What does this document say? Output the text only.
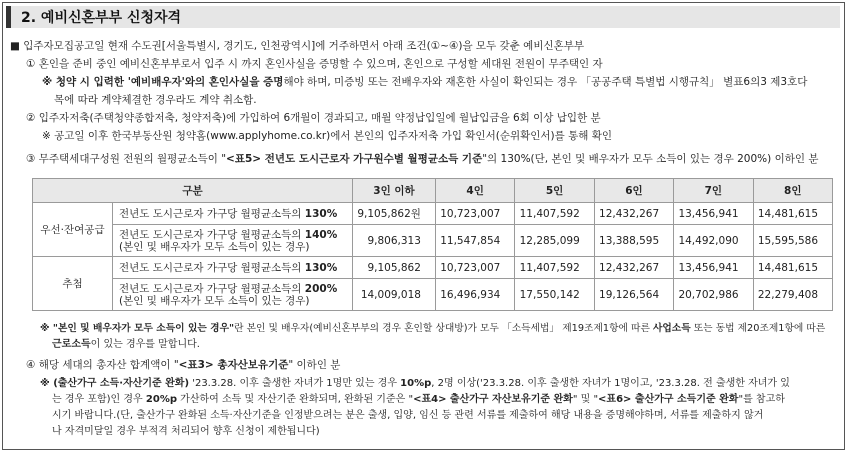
2. 예비신혼부부 신청자격
■ 입주자모집공고일 현재 수도권[서울특별시, 경기도, 인천광역시]에 거주하면서 아래 조건(①~④)을 모두 갖춘 예비신혼부부
① 혼인을 준비 중인 예비신혼부부로서 입주 시 까지 혼인사실을 증명할 수 있으며, 혼인으로 구성할 세대원 전원이 무주택인 자
※ 청약 시 입력한 '예비배우자'와의 혼인사실을 증명해야 하며, 미증빙 또는 전배우자와 재혼한 사실이 확인되는 경우 「공공주택 특별법 시행규칙」 별표6의3 제3호다
목에 따라 계약체결한 경우라도 계약 취소함.
② 입주자저축(주택청약종합저축, 청약저축)에 가입하여 6개월이 경과되고, 매월 약정납입일에 월납입금을 6회 이상 납입한 분
※ 공고일 이후 한국부동산원 청약홈(www.applyhome.co.kr)에서 본인의 입주자저축 가입 확인서(순위확인서)를 통해 확인
③ 무주택세대구성원 전원의 월평균소득이 "<표5> 전년도 도시근로자 가구원수별 월평균소득 기준"의 130%(단, 본인 및 배우자가 모두 소득이 있는 경우 200%) 이하인 분
구분		3인 이하	4인	5인	6인	7인	8인
우선·잔여공급	전년도 도시근로자 가구당 월평균소득의 130%	9,105,862원	10,723,007	11,407,592	12,432,267	13,456,941	14,481,615
	전년도 도시근로자 가구당 월평균소득의 140%
(본인 및 배우자가 모두 소득이 있는 경우)	9,806,313	11,547,854	12,285,099	13,388,595	14,492,090	15,595,586
추첨	전년도 도시근로자 가구당 월평균소득의 130%	9,105,862	10,723,007	11,407,592	12,432,267	13,456,941	14,481,615
	전년도 도시근로자 가구당 월평균소득의 200%
(본인 및 배우자가 모두 소득이 있는 경우)	14,009,018	16,496,934	17,550,142	19,126,564	20,702,986	22,279,408
※ "본인 및 배우자가 모두 소득이 있는 경우"란 본인 및 배우자(예비신혼부부의 경우 혼인할 상대방)가 모두 「소득세법」 제19조제1항에 따른 사업소득 또는 동법 제20조제1항에 따른
근로소득이 있는 경우를 말합니다.
④ 해당 세대의 총자산 합계액이 "<표3> 총자산보유기준" 이하인 분
※ (출산가구 소득·자산기준 완화) '23.3.28. 이후 출생한 자녀가 1명만 있는 경우 10%p, 2명 이상('23.3.28. 이후 출생한 자녀가 1명이고, '23.3.28. 전 출생한 자녀가 있
는 경우 포함)인 경우 20%p 가산하여 소득 및 자산기준 완화되며, 완화된 기준은 "<표4> 출산가구 자산보유기준 완화" 및 "<표6> 출산가구 소득기준 완화"를 참고하
시기 바랍니다.(단, 출산가구 완화된 소득·자산기준을 인정받으려는 분은 출생, 입양, 임신 등 관련 서류를 제출하여 해당 내용을 증명해야하며, 서류를 제출하지 않거
나 자격미달일 경우 부적격 처리되어 향후 신청이 제한됩니다)
